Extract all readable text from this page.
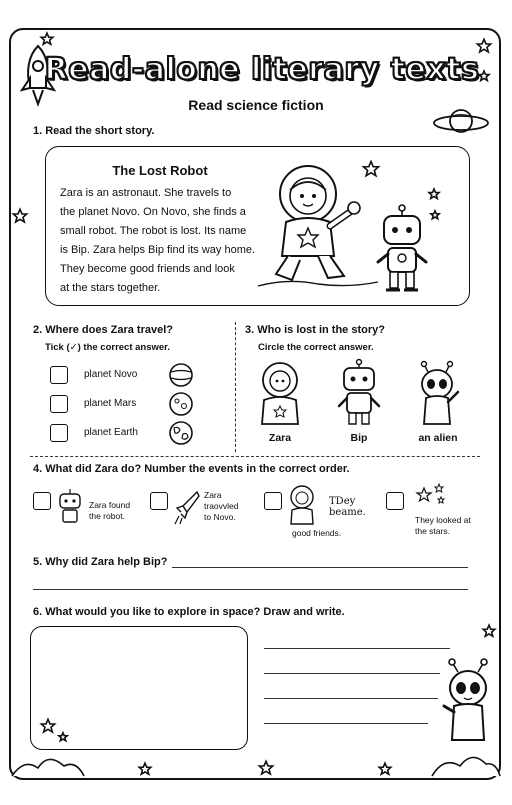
Read-alone literary texts
Read science fiction
1. Read the short story.
The Lost Robot
Zara is an astronaut. She travels to
the planet Novo. On Novo, she finds a
small robot. The robot is lost. Its name
is Bip. Zara helps Bip find its way home.
They become good friends and look
at the stars together.
2. Where does Zara travel?
Tick (✓) the correct answer.
planet Novo
planet Mars
planet Earth
3. Who is lost in the story?
Circle the correct answer.
Zara	Bip	an alien
4. What did Zara do? Number the events in the correct order.
Zara found
the robot.
Zara
traovvled
to Novo.
TDey
beame.
good friends.
They looked at
the stars.
5. Why did Zara help Bip?
6. What would you like to explore in space? Draw and write.
